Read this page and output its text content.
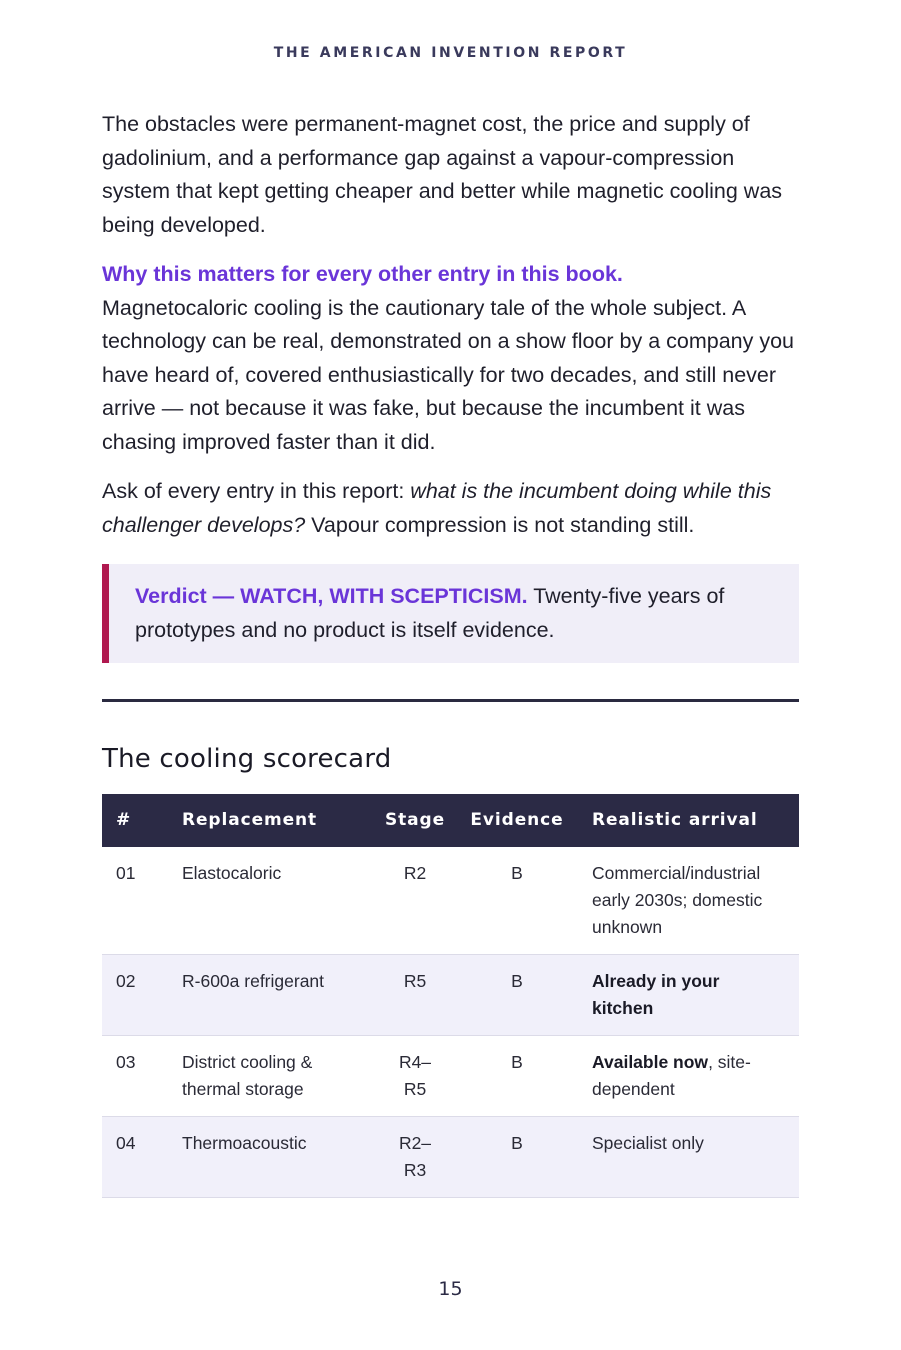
THE AMERICAN INVENTION REPORT

The obstacles were permanent-magnet cost, the price and supply of gadolinium, and a performance gap against a vapour-compression system that kept getting cheaper and better while magnetic cooling was being developed.

Why this matters for every other entry in this book.
Magnetocaloric cooling is the cautionary tale of the whole subject. A technology can be real, demonstrated on a show floor by a company you have heard of, covered enthusiastically for two decades, and still never arrive — not because it was fake, but because the incumbent it was chasing improved faster than it did.

Ask of every entry in this report: what is the incumbent doing while this challenger develops? Vapour compression is not standing still.

Verdict — WATCH, WITH SCEPTICISM. Twenty-five years of prototypes and no product is itself evidence.

The cooling scorecard
#	Replacement	Stage	Evidence	Realistic arrival
01	Elastocaloric	R2	B	Commercial/industrial early 2030s; domestic unknown
02	R-600a refrigerant	R5	B	Already in your kitchen
03	District cooling & thermal storage	R4–R5	B	Available now, site-dependent
04	Thermoacoustic	R2–R3	B	Specialist only
15
